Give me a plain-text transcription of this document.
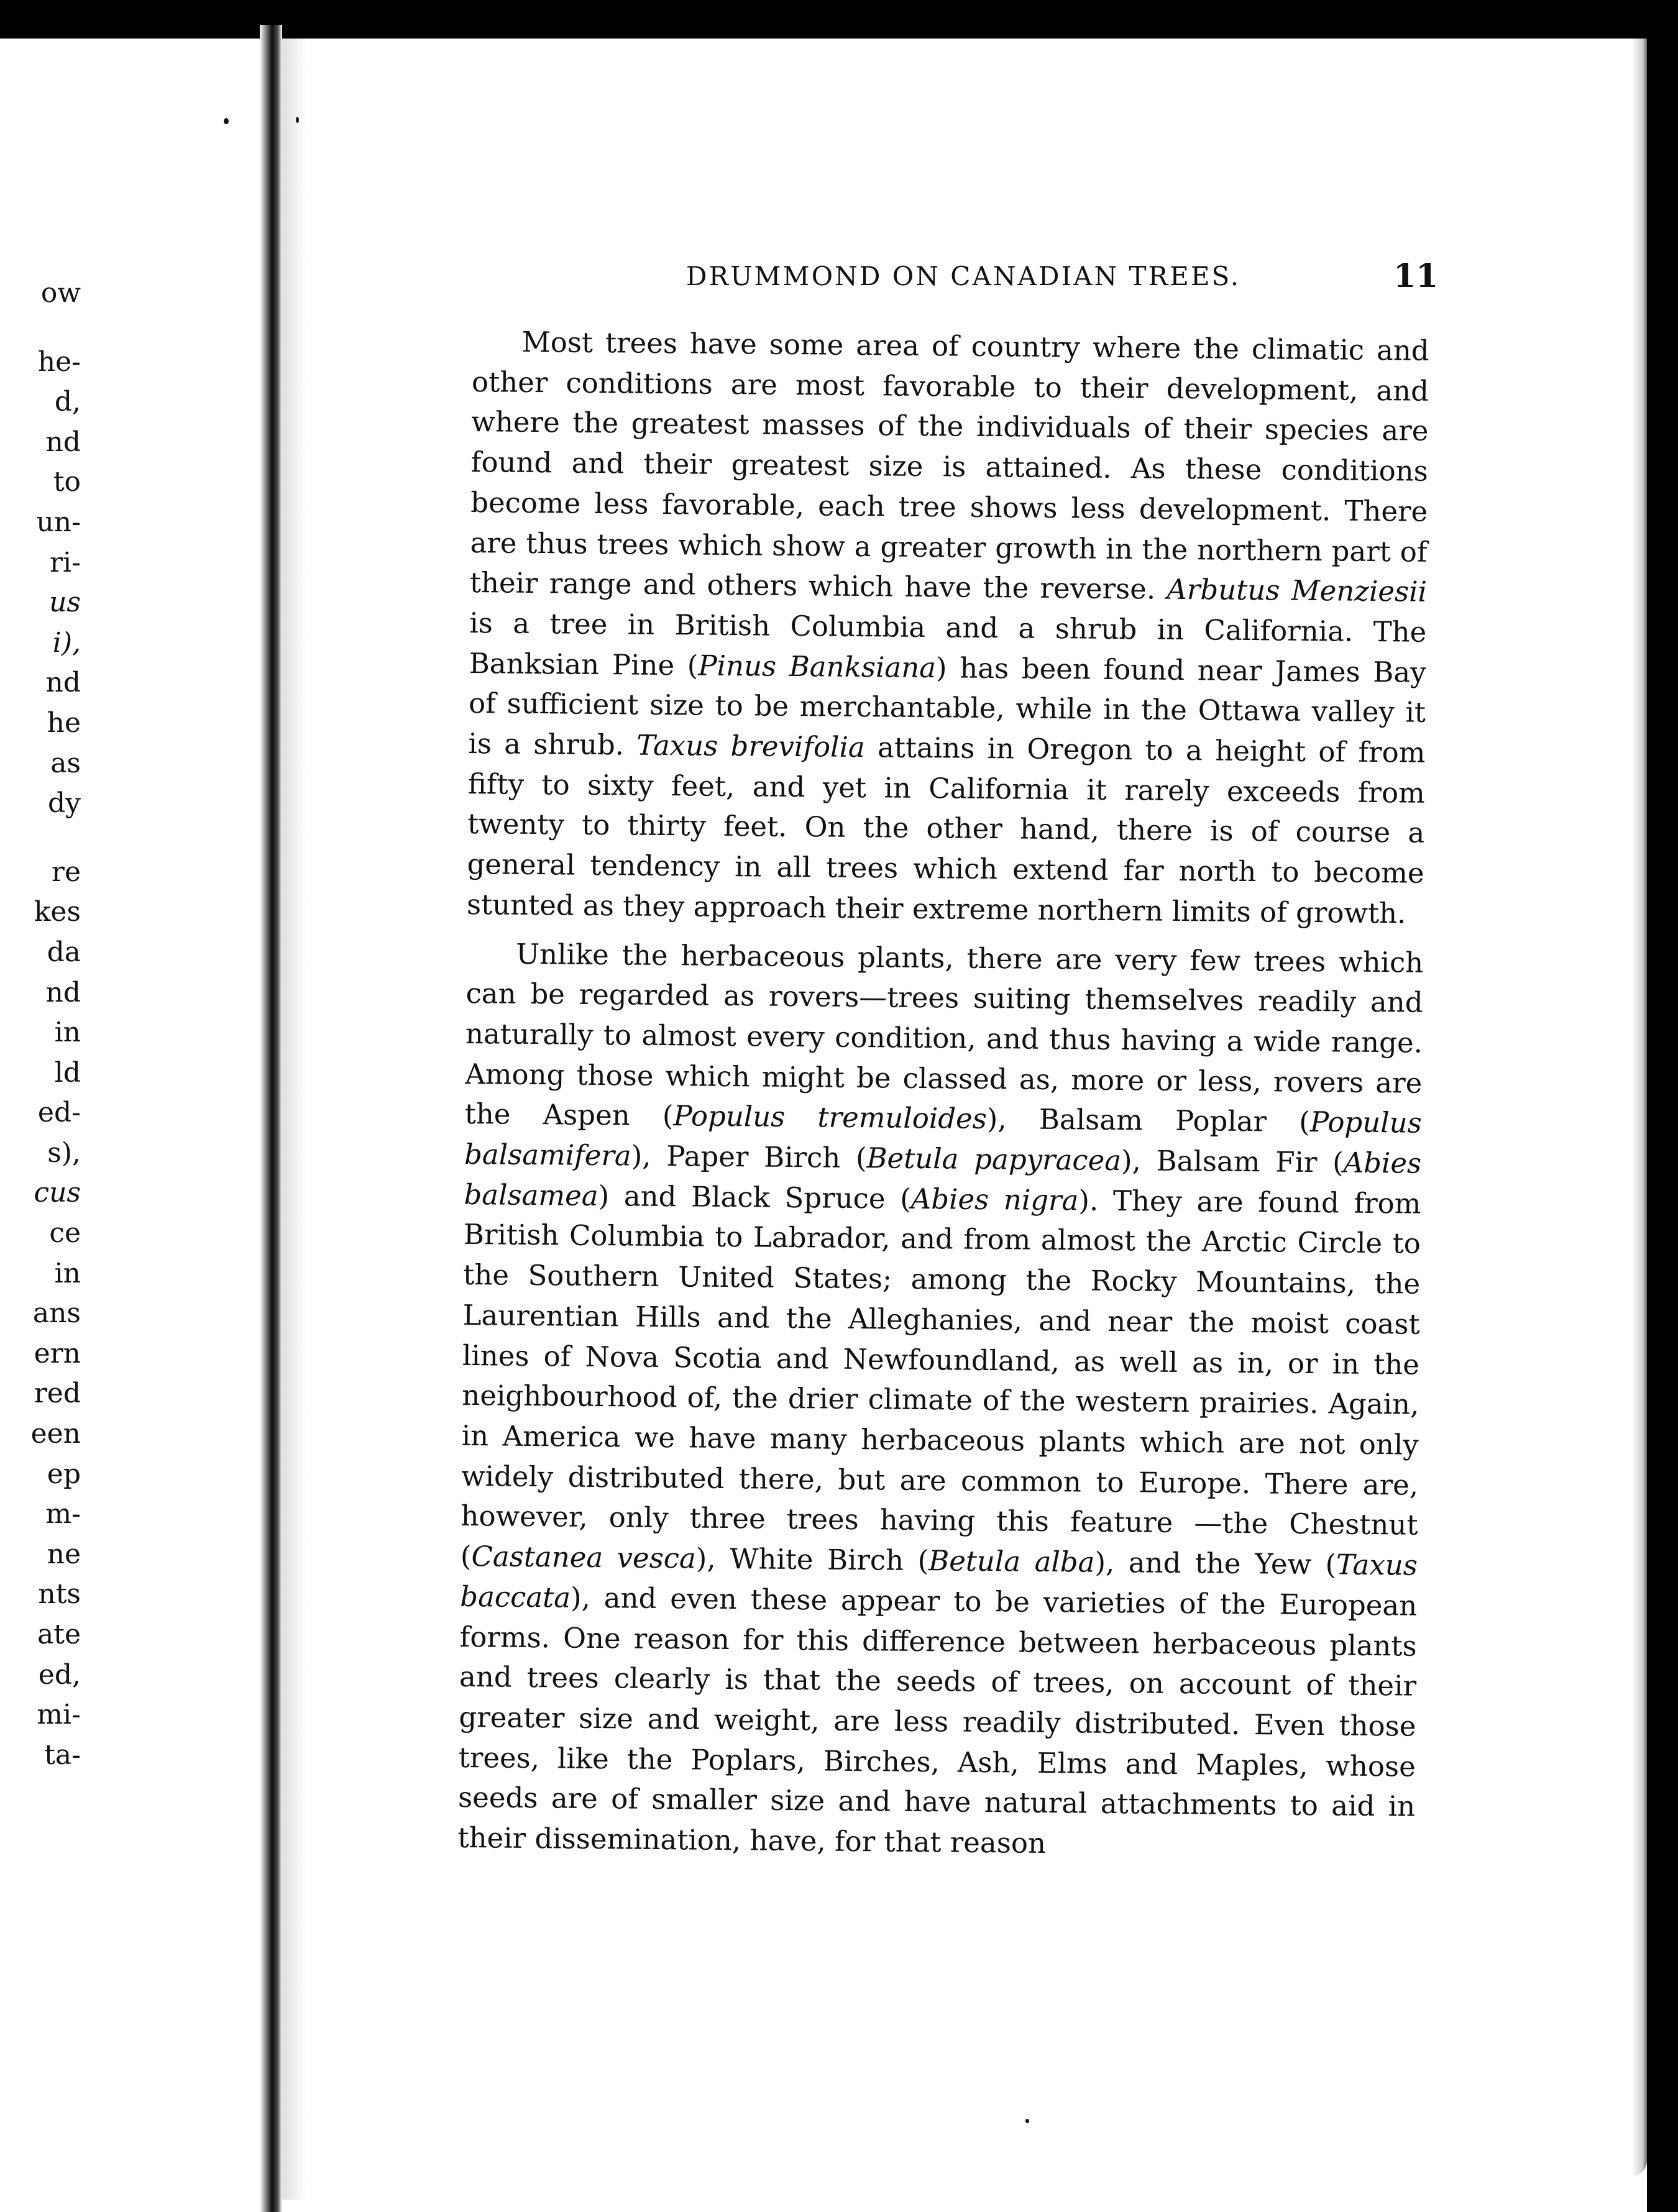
ow
he-
d,
nd
to
un-
ri-
us
i),
nd
he
as
dy
re
kes
da
nd
in
ld
ed-
s),
cus
ce
in
ans
ern
red
een
ep
m-
ne
nts
ate
ed,
mi-
ta-
DRUMMOND ON CANADIAN TREES.	11

Most trees have some area of country where the climatic and other conditions are most favorable to their development, and where the greatest masses of the individuals of their species are found and their greatest size is attained. As these conditions become less favorable, each tree shows less development. There are thus trees which show a greater growth in the northern part of their range and others which have the reverse. Arbutus Menziesii is a tree in British Columbia and a shrub in California. The Banksian Pine (Pinus Banksiana) has been found near James Bay of sufficient size to be merchantable, while in the Ottawa valley it is a shrub. Taxus brevifolia attains in Oregon to a height of from fifty to sixty feet, and yet in California it rarely exceeds from twenty to thirty feet. On the other hand, there is of course a general tendency in all trees which extend far north to become stunted as they approach their extreme northern limits of growth.

Unlike the herbaceous plants, there are very few trees which can be regarded as rovers—trees suiting themselves readily and naturally to almost every condition, and thus having a wide range. Among those which might be classed as, more or less, rovers are the Aspen (Populus tremuloides), Balsam Poplar (Populus balsamifera), Paper Birch (Betula papyracea), Balsam Fir (Abies balsamea) and Black Spruce (Abies nigra). They are found from British Columbia to Labrador, and from almost the Arctic Circle to the Southern United States; among the Rocky Mountains, the Laurentian Hills and the Alleghanies, and near the moist coast lines of Nova Scotia and Newfoundland, as well as in, or in the neighbourhood of, the drier climate of the western prairies. Again, in America we have many herbaceous plants which are not only widely distributed there, but are common to Europe. There are, however, only three trees having this feature —the Chestnut (Castanea vesca), White Birch (Betula alba), and the Yew (Taxus baccata), and even these appear to be varieties of the European forms. One reason for this difference between herbaceous plants and trees clearly is that the seeds of trees, on account of their greater size and weight, are less readily distributed. Even those trees, like the Poplars, Birches, Ash, Elms and Maples, whose seeds are of smaller size and have natural attachments to aid in their dissemination, have, for that reason
